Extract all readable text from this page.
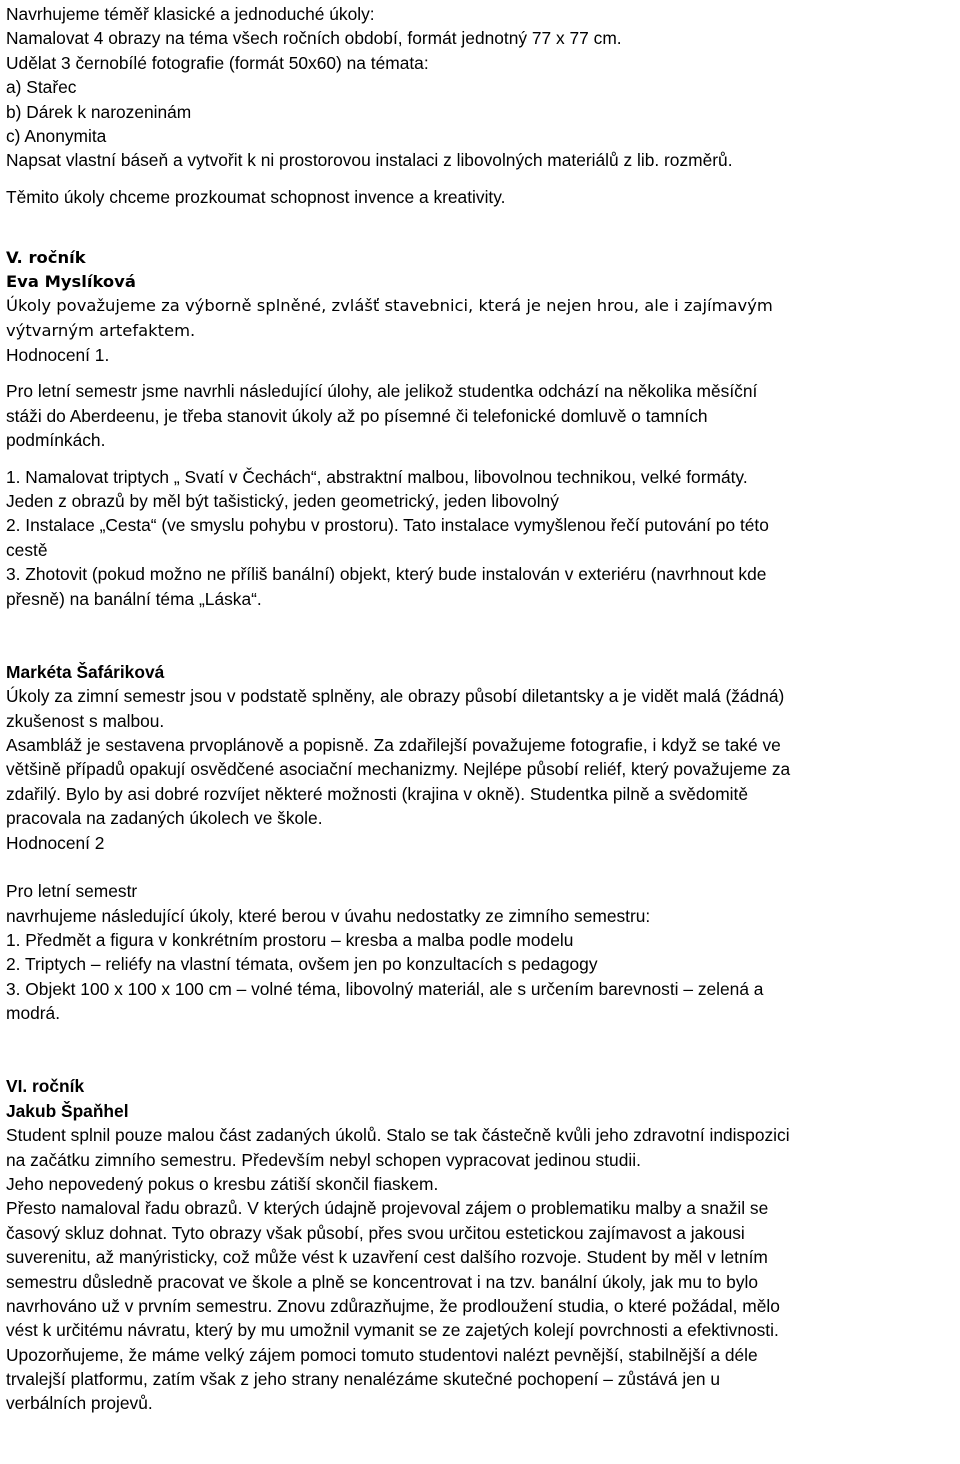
Navrhujeme téměř klasické a jednoduché úkoly:
Namalovat 4 obrazy na téma všech ročních období, formát jednotný 77 x 77 cm.
Udělat 3 černobílé fotografie (formát 50x60) na témata:
a) Stařec
b) Dárek k narozeninám
c) Anonymita
Napsat vlastní báseň a vytvořit k ni prostorovou instalaci z libovolných materiálů z lib. rozměrů.
Těmito úkoly chceme prozkoumat schopnost invence a kreativity.
V. ročník
Eva Myslíková
Úkoly považujeme za výborně splněné, zvlášť stavebnici, která je nejen hrou, ale i zajímavým
výtvarným artefaktem.
Hodnocení 1.
Pro letní semestr jsme navrhli následující úlohy, ale jelikož studentka odchází na několika měsíční
stáži do Aberdeenu, je třeba stanovit úkoly až po písemné či telefonické domluvě o tamních
podmínkách.
1. Namalovat triptych „ Svatí v Čechách“, abstraktní malbou, libovolnou technikou, velké formáty.
Jeden z obrazů by měl být tašistický, jeden geometrický, jeden libovolný
2. Instalace „Cesta“ (ve smyslu pohybu v prostoru). Tato instalace vymyšlenou řečí putování po této
cestě
3. Zhotovit (pokud možno ne příliš banální) objekt, který bude instalován v exteriéru (navrhnout kde
přesně) na banální téma „Láska“.
Markéta Šafáriková
Úkoly za zimní semestr jsou v podstatě splněny, ale obrazy působí diletantsky a je vidět malá (žádná)
zkušenost s malbou.
Asambláž je sestavena prvoplánově a popisně. Za zdařilejší považujeme fotografie, i když se také ve
většině případů opakují osvědčené asociační mechanizmy. Nejlépe působí reliéf, který považujeme za
zdařilý. Bylo by asi dobré rozvíjet některé možnosti (krajina v okně). Studentka pilně a svědomitě
pracovala na zadaných úkolech ve škole.
Hodnocení 2
Pro letní semestr
navrhujeme následující úkoly, které berou v úvahu nedostatky ze zimního semestru:
1. Předmět a figura v konkrétním prostoru – kresba a malba podle modelu
2. Triptych – reliéfy na vlastní témata, ovšem jen po konzultacích s pedagogy
3. Objekt 100 x 100 x 100 cm – volné téma, libovolný materiál, ale s určením barevnosti – zelená a
modrá.
VI. ročník
Jakub Špaňhel
Student splnil pouze malou část zadaných úkolů. Stalo se tak částečně kvůli jeho zdravotní indispozici
na začátku zimního semestru. Především nebyl schopen vypracovat jedinou studii.
Jeho nepovedený pokus o kresbu zátiší skončil fiaskem.
Přesto namaloval řadu obrazů. V kterých údajně projevoval zájem o problematiku malby a snažil se
časový skluz dohnat. Tyto obrazy však působí, přes svou určitou estetickou zajímavost a jakousi
suverenitu, až manýristicky, což může vést k uzavření cest dalšího rozvoje. Student by měl v letním
semestru důsledně pracovat ve škole a plně se koncentrovat i na tzv. banální úkoly, jak mu to bylo
navrhováno už v prvním semestru. Znovu zdůrazňujme, že prodloužení studia, o které požádal, mělo
vést k určitému návratu, který by mu umožnil vymanit se ze zajetých kolejí povrchnosti a efektivnosti.
Upozorňujeme, že máme velký zájem pomoci tomuto studentovi nalézt pevnější, stabilnější a déle
trvalejší platformu, zatím však z jeho strany nenalézáme skutečné pochopení – zůstává jen u
verbálních projevů.
